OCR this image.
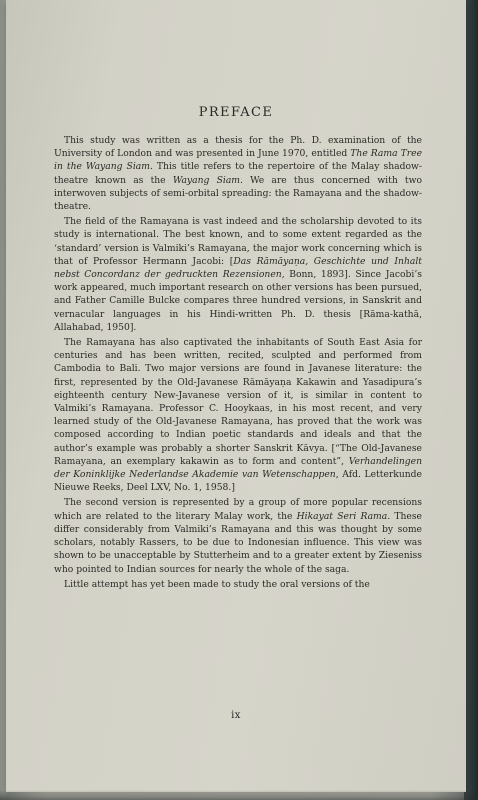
PREFACE

This study was written as a thesis for the Ph. D. examination of the University of London and was presented in June 1970, entitled The Rama Tree in the Wayang Siam. This title refers to the repertoire of the Malay shadow-theatre known as the Wayang Siam. We are thus concerned with two interwoven subjects of semi-orbital spreading: the Ramayana and the shadow-theatre.

The field of the Ramayana is vast indeed and the scholarship devoted to its study is international. The best known, and to some extent regarded as the ‘standard’ version is Valmiki’s Ramayana, the major work concerning which is that of Professor Hermann Jacobi: [Das Rāmāyaṇa, Geschichte und Inhalt nebst Concordanz der gedruckten Rezensionen, Bonn, 1893]. Since Jacobi’s work appeared, much important research on other versions has been pursued, and Father Camille Bulcke compares three hundred versions, in Sanskrit and vernacular languages in his Hindi-written Ph. D. thesis [Rāma-kathā, Allahabad, 1950].

The Ramayana has also captivated the inhabitants of South East Asia for centuries and has been written, recited, sculpted and performed from Cambodia to Bali. Two major versions are found in Javanese literature: the first, represented by the Old-Javanese Rāmāyaṇa Kakawin and Yasadipura’s eighteenth century New-Javanese version of it, is similar in content to Valmiki’s Ramayana. Professor C. Hooykaas, in his most recent, and very learned study of the Old-Javanese Ramayana, has proved that the work was composed according to Indian poetic standards and ideals and that the author’s example was probably a shorter Sanskrit Kāvya. [“The Old-Javanese Ramayana, an exemplary kakawin as to form and content”, Verhandelingen der Koninklijke Nederlandse Akademie van Wetenschappen, Afd. Letterkunde Nieuwe Reeks, Deel LXV, No. 1, 1958.]

The second version is represented by a group of more popular recensions which are related to the literary Malay work, the Hikayat Seri Rama. These differ considerably from Valmiki’s Ramayana and this was thought by some scholars, notably Rassers, to be due to Indonesian influence. This view was shown to be unacceptable by Stutterheim and to a greater extent by Zieseniss who pointed to Indian sources for nearly the whole of the saga.

Little attempt has yet been made to study the oral versions of the

ix
